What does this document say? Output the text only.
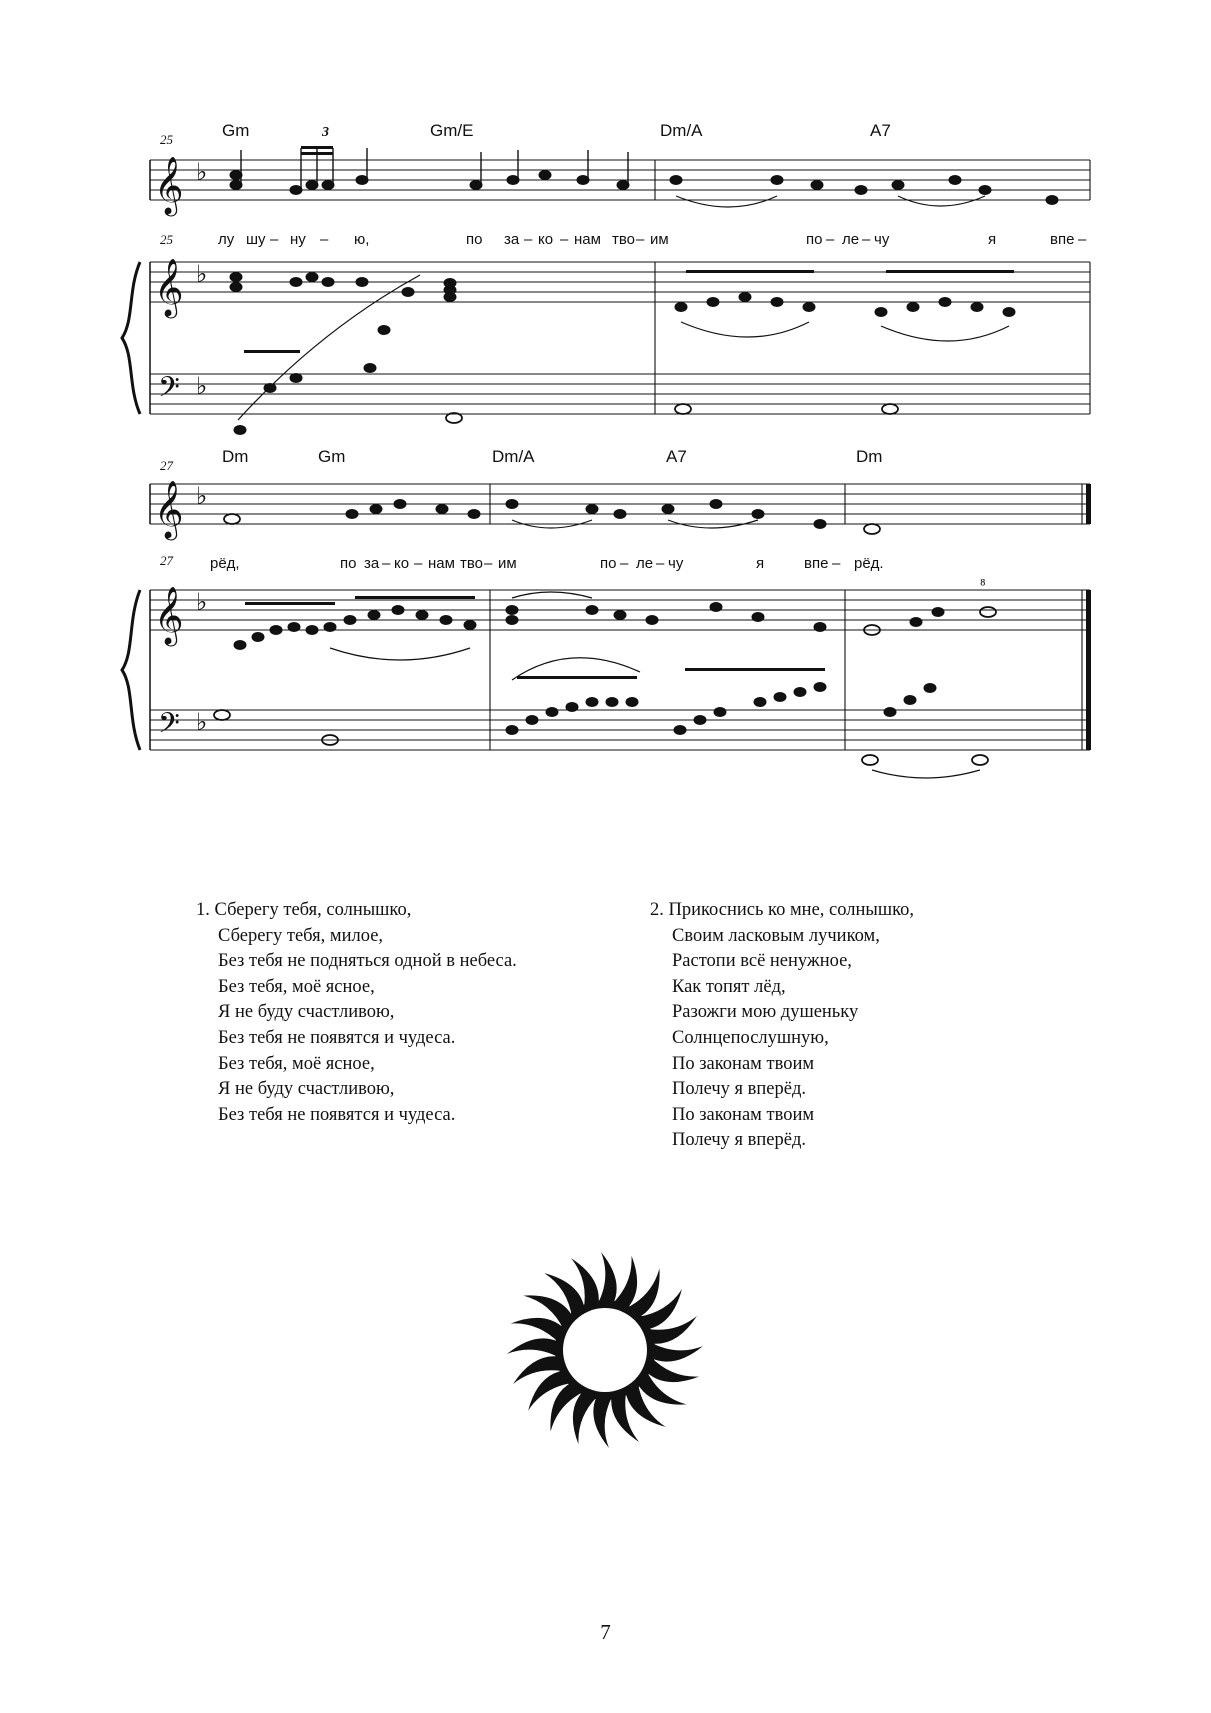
Gm	Gm/E	Dm/A	A7
3
25
𝄞 ♭
25	лу шу – ну – ю,	по за – ко – нам тво – им	по – ле – чу	я	впе –
𝄞 ♭
𝄢 ♭
Dm	Gm	Dm/A	A7	Dm
27
𝄞 ♭
27 рёд,	по за – ко – нам тво – им	по – ле – чу	я	впе – рёд.
𝄞 ♭
𝄢 ♭
⁸
1. Сберегу тебя, солнышко,
Сберегу тебя, милое,
Без тебя не подняться одной в небеса.
Без тебя, моё ясное,
Я не буду счастливою,
Без тебя не появятся и чудеса.
Без тебя, моё ясное,
Я не буду счастливою,
Без тебя не появятся и чудеса.
2. Прикоснись ко мне, солнышко,
Своим ласковым лучиком,
Растопи всё ненужное,
Как топят лёд,
Разожги мою душеньку
Солнцепослушную,
По законам твоим
Полечу я вперёд.
По законам твоим
Полечу я вперёд.
7
